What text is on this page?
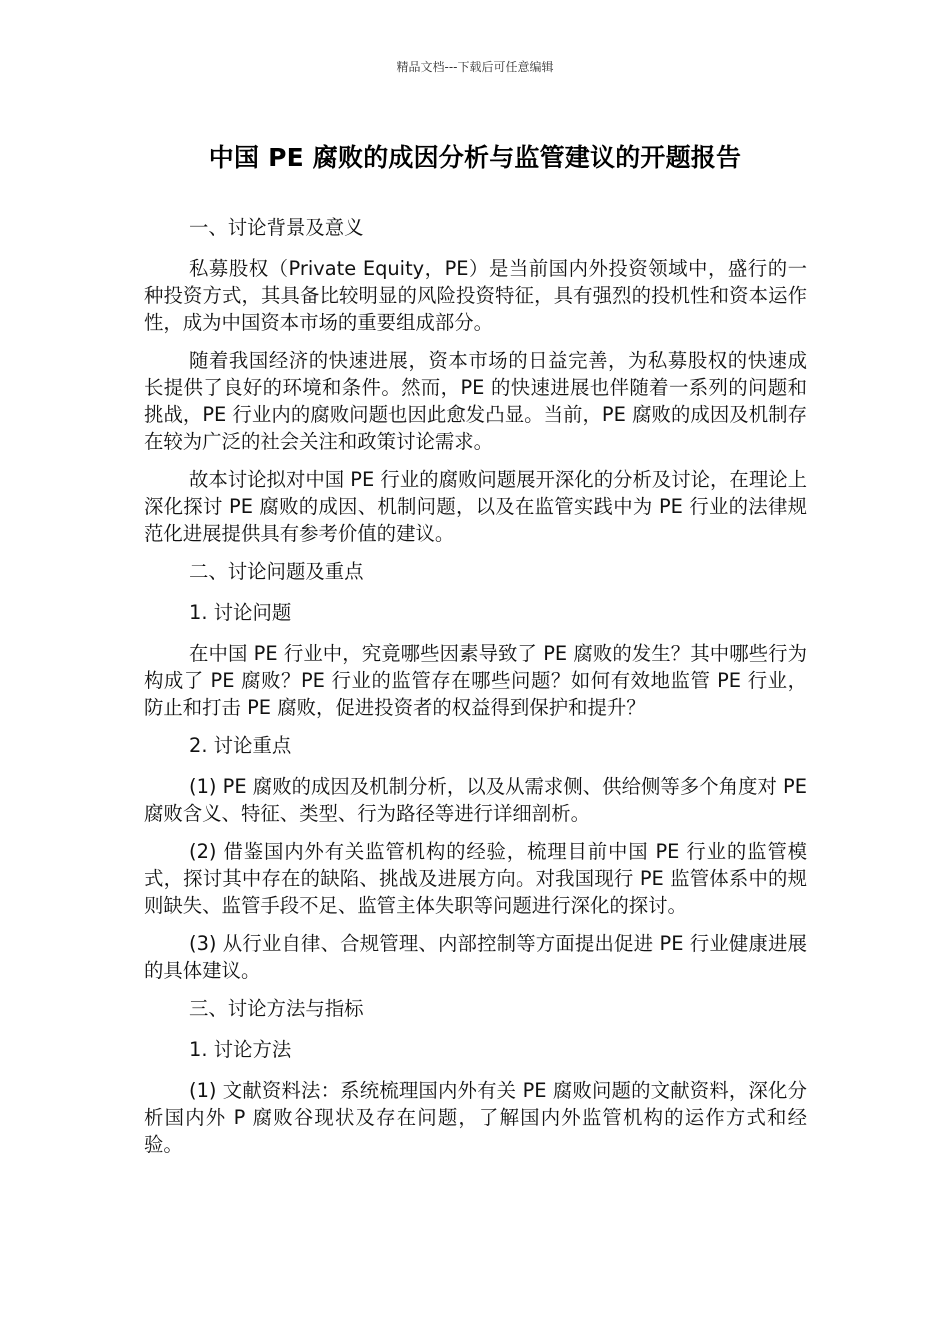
精品文档---下载后可任意编辑
中国 PE 腐败的成因分析与监管建议的开题报告

一、讨论背景及意义

私募股权（Private Equity，PE）是当前国内外投资领域中，盛行的一种投资方式，其具备比较明显的风险投资特征，具有强烈的投机性和资本运作性，成为中国资本市场的重要组成部分。

随着我国经济的快速进展，资本市场的日益完善，为私募股权的快速成长提供了良好的环境和条件。然而，PE 的快速进展也伴随着一系列的问题和挑战，PE 行业内的腐败问题也因此愈发凸显。当前，PE 腐败的成因及机制存在较为广泛的社会关注和政策讨论需求。

故本讨论拟对中国 PE 行业的腐败问题展开深化的分析及讨论，在理论上深化探讨 PE 腐败的成因、机制问题，以及在监管实践中为 PE 行业的法律规范化进展提供具有参考价值的建议。

二、讨论问题及重点

1. 讨论问题

在中国 PE 行业中，究竟哪些因素导致了 PE 腐败的发生？其中哪些行为构成了 PE 腐败？PE 行业的监管存在哪些问题？如何有效地监管 PE 行业，防止和打击 PE 腐败，促进投资者的权益得到保护和提升？

2. 讨论重点

(1) PE 腐败的成因及机制分析，以及从需求侧、供给侧等多个角度对 PE 腐败含义、特征、类型、行为路径等进行详细剖析。

(2) 借鉴国内外有关监管机构的经验，梳理目前中国 PE 行业的监管模式，探讨其中存在的缺陷、挑战及进展方向。对我国现行 PE 监管体系中的规则缺失、监管手段不足、监管主体失职等问题进行深化的探讨。

(3) 从行业自律、合规管理、内部控制等方面提出促进 PE 行业健康进展的具体建议。

三、讨论方法与指标

1. 讨论方法

(1) 文献资料法：系统梳理国内外有关 PE 腐败问题的文献资料，深化分析国内外 P 腐败谷现状及存在问题，了解国内外监管机构的运作方式和经验。
